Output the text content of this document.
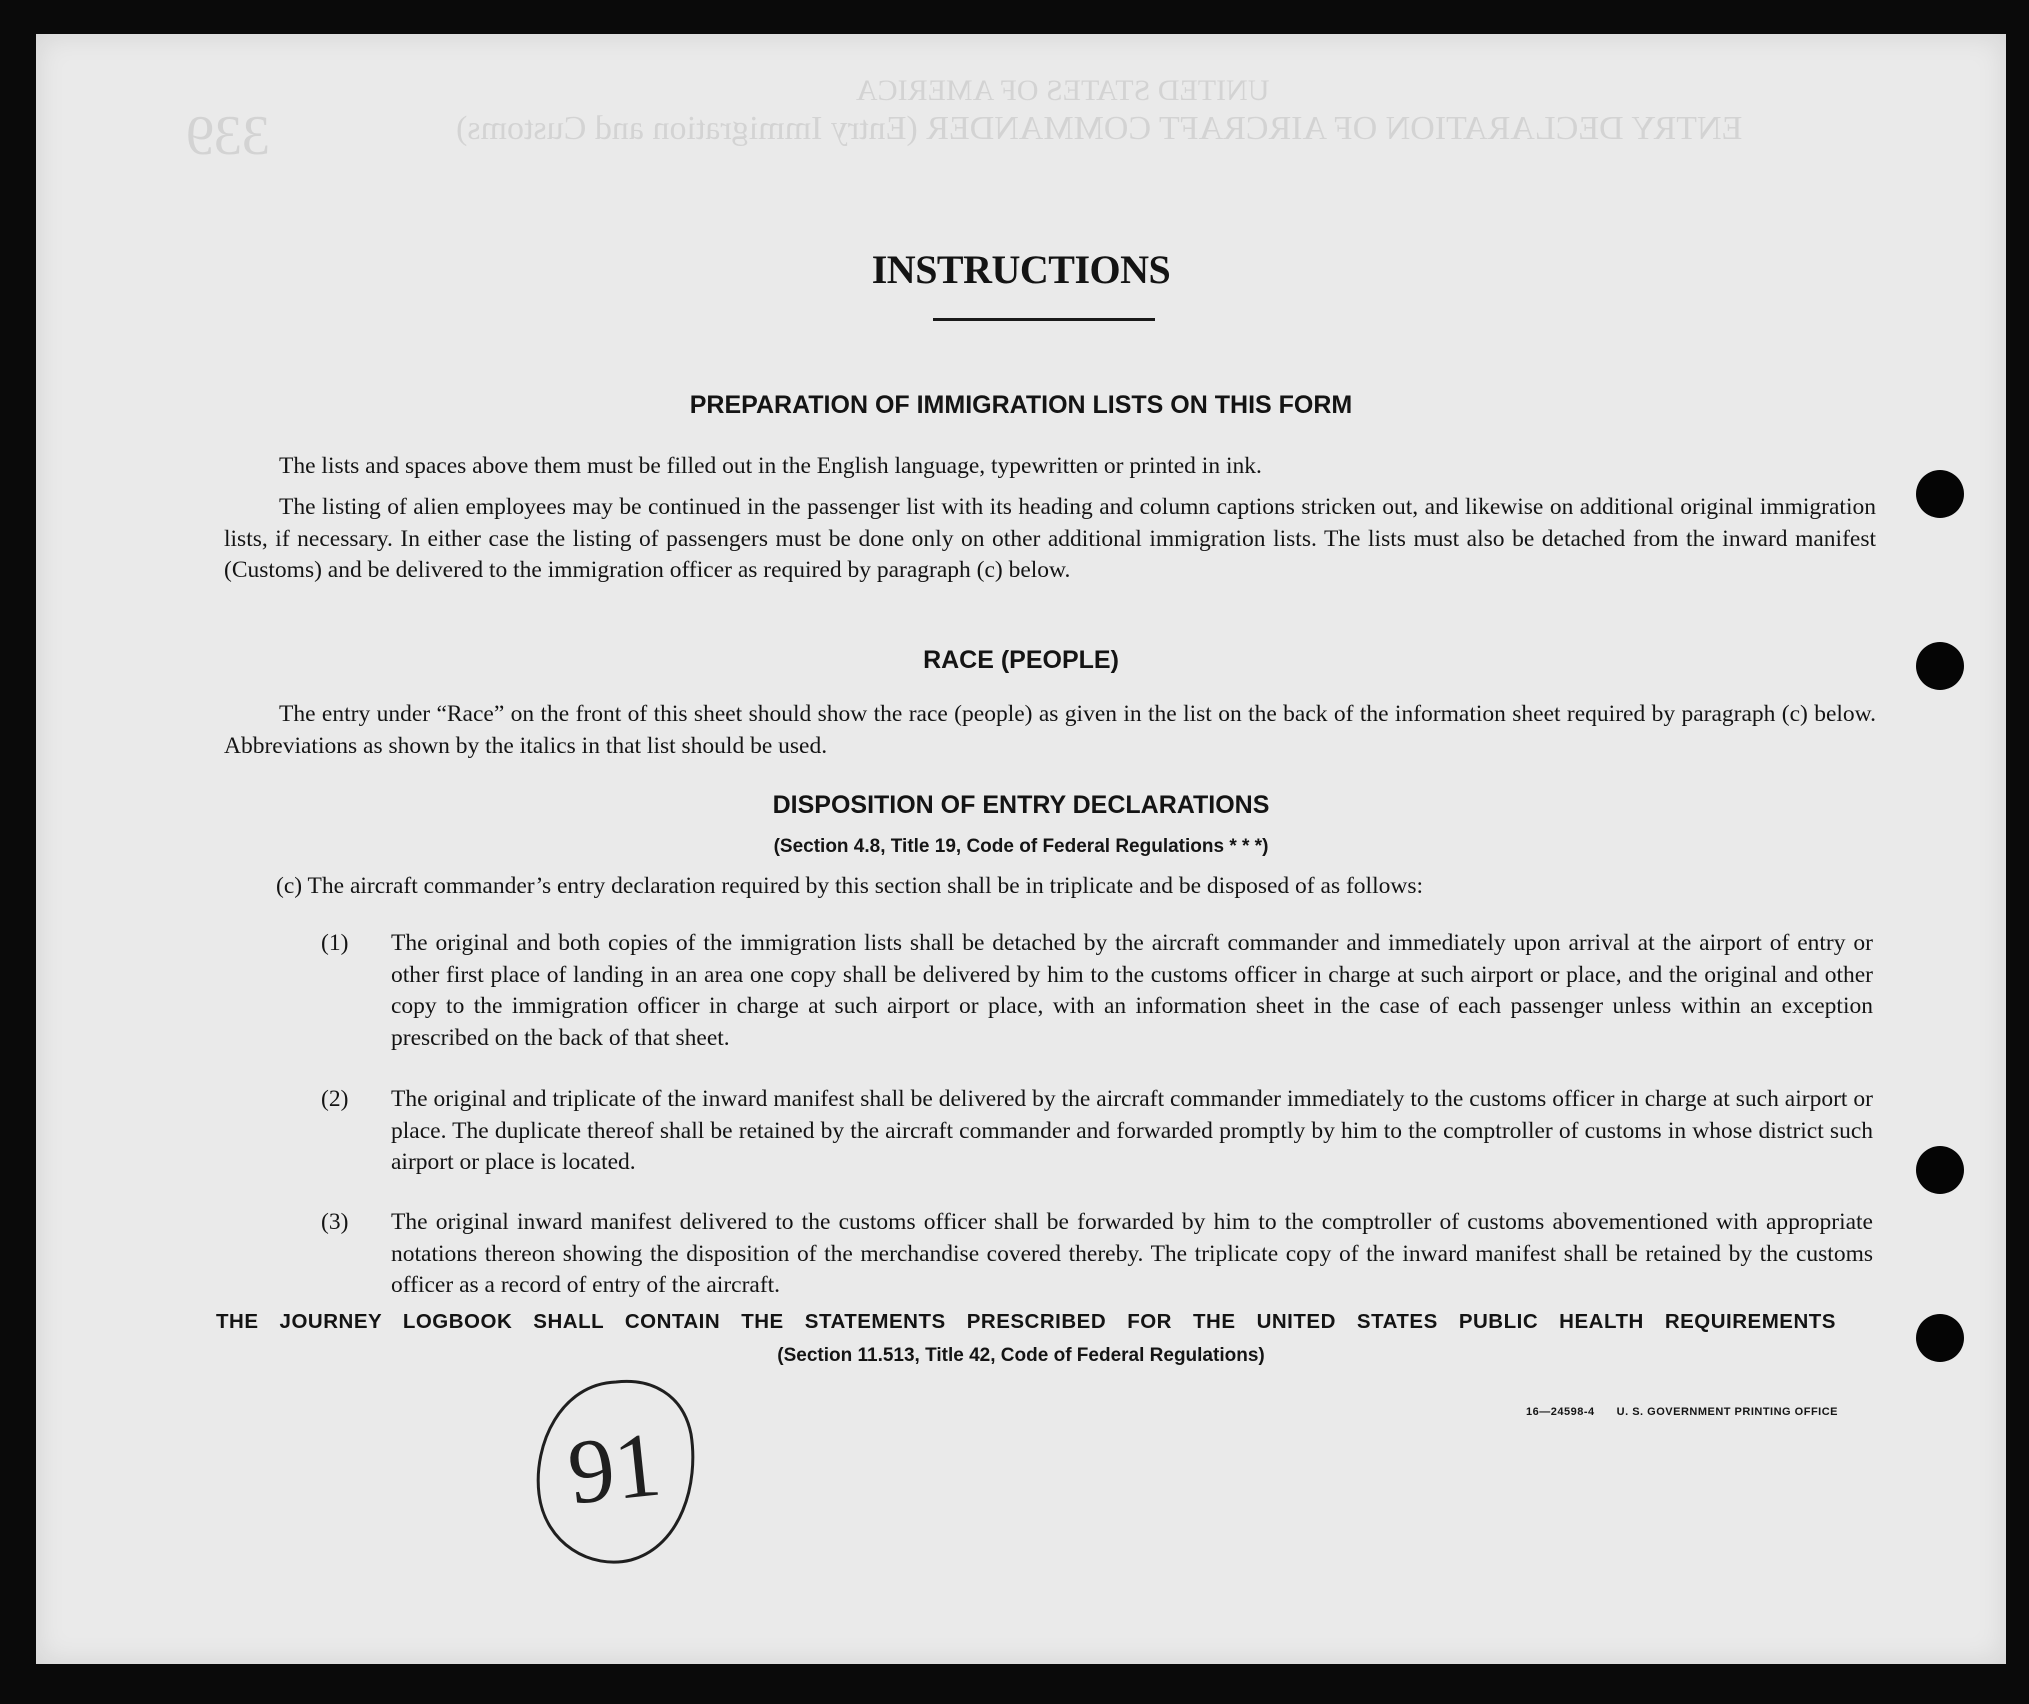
339
UNITED STATES OF AMERICA
ENTRY DECLARATION OF AIRCRAFT COMMANDER (Entry Immigration and Customs)
INSTRUCTIONS
PREPARATION OF IMMIGRATION LISTS ON THIS FORM
The lists and spaces above them must be filled out in the English language, typewritten or printed in ink.
The listing of alien employees may be continued in the passenger list with its heading and column captions stricken out, and likewise on additional original immigration lists, if necessary. In either case the listing of passengers must be done only on other additional immigration lists. The lists must also be detached from the inward manifest (Customs) and be delivered to the immigration officer as required by paragraph (c) below.
RACE (PEOPLE)
The entry under “Race” on the front of this sheet should show the race (people) as given in the list on the back of the information sheet required by paragraph (c) below. Abbreviations as shown by the italics in that list should be used.
DISPOSITION OF ENTRY DECLARATIONS
(Section 4.8, Title 19, Code of Federal Regulations * * *)
(c) The aircraft commander’s entry declaration required by this section shall be in triplicate and be disposed of as follows:
(1) The original and both copies of the immigration lists shall be detached by the aircraft commander and immediately upon arrival at the airport of entry or other first place of landing in an area one copy shall be delivered by him to the customs officer in charge at such airport or place, and the original and other copy to the immigration officer in charge at such airport or place, with an information sheet in the case of each passenger unless within an exception prescribed on the back of that sheet.
(2) The original and triplicate of the inward manifest shall be delivered by the aircraft commander immediately to the customs officer in charge at such airport or place. The duplicate thereof shall be retained by the aircraft commander and forwarded promptly by him to the comptroller of customs in whose district such airport or place is located.
(3) The original inward manifest delivered to the customs officer shall be forwarded by him to the comptroller of customs abovementioned with appropriate notations thereon showing the disposition of the merchandise covered thereby. The triplicate copy of the inward manifest shall be retained by the customs officer as a record of entry of the aircraft.
THE JOURNEY LOGBOOK SHALL CONTAIN THE STATEMENTS PRESCRIBED FOR THE UNITED STATES PUBLIC HEALTH REQUIREMENTS
(Section 11.513, Title 42, Code of Federal Regulations)
16—24598-4 U. S. GOVERNMENT PRINTING OFFICE
91
